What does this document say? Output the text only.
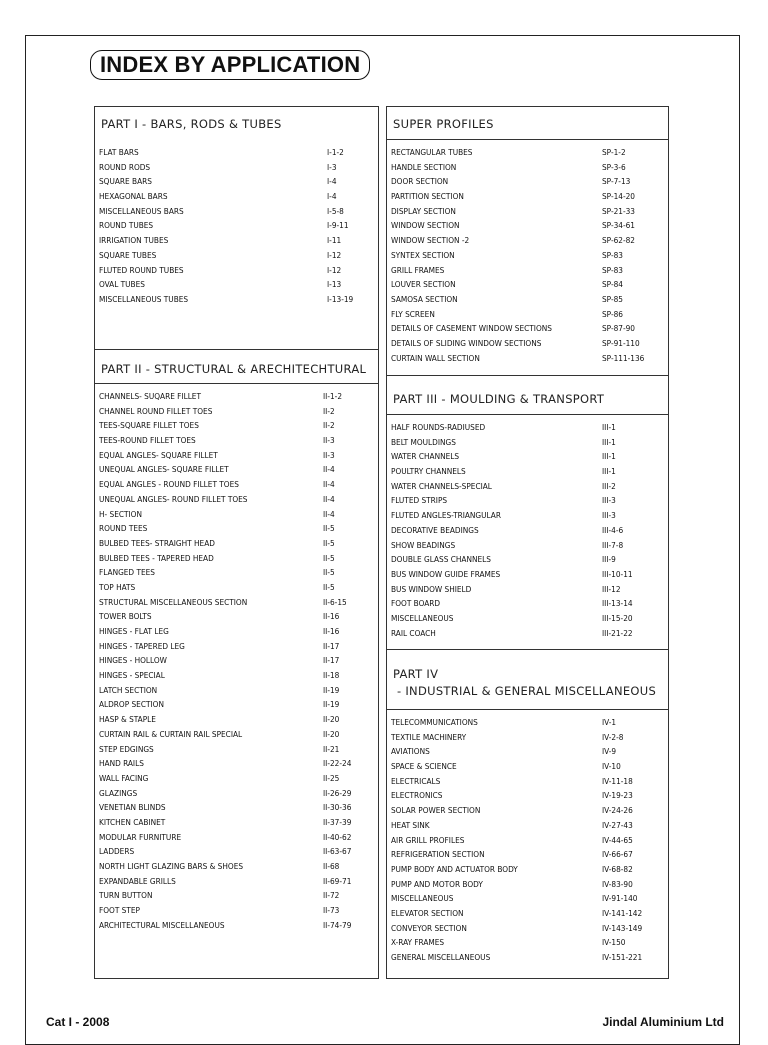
INDEX BY APPLICATION
PART I - BARS, RODS & TUBES
FLAT BARS	I-1-2
ROUND RODS	I-3
SQUARE BARS	I-4
HEXAGONAL BARS	I-4
MISCELLANEOUS BARS	I-5-8
ROUND TUBES	I-9-11
IRRIGATION TUBES	I-11
SQUARE TUBES	I-12
FLUTED ROUND TUBES	I-12
OVAL TUBES	I-13
MISCELLANEOUS TUBES	I-13-19
PART II - STRUCTURAL & ARECHITECHTURAL
CHANNELS- SUQARE FILLET	II-1-2
CHANNEL ROUND FILLET TOES	II-2
TEES-SQUARE FILLET TOES	II-2
TEES-ROUND FILLET TOES	II-3
EQUAL ANGLES- SQUARE FILLET	II-3
UNEQUAL ANGLES- SQUARE FILLET	II-4
EQUAL ANGLES - ROUND FILLET TOES	II-4
UNEQUAL ANGLES- ROUND FILLET TOES	II-4
H- SECTION	II-4
ROUND TEES	II-5
BULBED TEES- STRAIGHT HEAD	II-5
BULBED TEES - TAPERED HEAD	II-5
FLANGED TEES	II-5
TOP HATS	II-5
STRUCTURAL MISCELLANEOUS SECTION	II-6-15
TOWER BOLTS	II-16
HINGES - FLAT LEG	II-16
HINGES - TAPERED LEG	II-17
HINGES - HOLLOW	II-17
HINGES - SPECIAL	II-18
LATCH SECTION	II-19
ALDROP SECTION	II-19
HASP & STAPLE	II-20
CURTAIN RAIL & CURTAIN RAIL SPECIAL	II-20
STEP EDGINGS	II-21
HAND RAILS	II-22-24
WALL FACING	II-25
GLAZINGS	II-26-29
VENETIAN BLINDS	II-30-36
KITCHEN CABINET	II-37-39
MODULAR FURNITURE	II-40-62
LADDERS	II-63-67
NORTH LIGHT GLAZING BARS & SHOES	II-68
EXPANDABLE GRILLS	II-69-71
TURN BUTTON	II-72
FOOT STEP	II-73
ARCHITECTURAL MISCELLANEOUS	II-74-79
SUPER PROFILES
RECTANGULAR TUBES	SP-1-2
HANDLE SECTION	SP-3-6
DOOR SECTION	SP-7-13
PARTITION SECTION	SP-14-20
DISPLAY SECTION	SP-21-33
WINDOW SECTION	SP-34-61
WINDOW SECTION -2	SP-62-82
SYNTEX SECTION	SP-83
GRILL FRAMES	SP-83
LOUVER SECTION	SP-84
SAMOSA SECTION	SP-85
FLY SCREEN	SP-86
DETAILS OF CASEMENT WINDOW SECTIONS	SP-87-90
DETAILS OF SLIDING WINDOW SECTIONS	SP-91-110
CURTAIN WALL SECTION	SP-111-136
PART III - MOULDING & TRANSPORT
HALF ROUNDS-RADIUSED	III-1
BELT MOULDINGS	III-1
WATER CHANNELS	III-1
POULTRY CHANNELS	III-1
WATER CHANNELS-SPECIAL	III-2
FLUTED STRIPS	III-3
FLUTED ANGLES-TRIANGULAR	III-3
DECORATIVE BEADINGS	III-4-6
SHOW BEADINGS	III-7-8
DOUBLE GLASS CHANNELS	III-9
BUS WINDOW GUIDE FRAMES	III-10-11
BUS WINDOW SHIELD	III-12
FOOT BOARD	III-13-14
MISCELLANEOUS	III-15-20
RAIL COACH	III-21-22
PART IV
- INDUSTRIAL & GENERAL MISCELLANEOUS
TELECOMMUNICATIONS	IV-1
TEXTILE MACHINERY	IV-2-8
AVIATIONS	IV-9
SPACE & SCIENCE	IV-10
ELECTRICALS	IV-11-18
ELECTRONICS	IV-19-23
SOLAR POWER SECTION	IV-24-26
HEAT SINK	IV-27-43
AIR GRILL PROFILES	IV-44-65
REFRIGERATION SECTION	IV-66-67
PUMP BODY AND ACTUATOR BODY	IV-68-82
PUMP AND MOTOR BODY	IV-83-90
MISCELLANEOUS	IV-91-140
ELEVATOR SECTION	IV-141-142
CONVEYOR SECTION	IV-143-149
X-RAY FRAMES	IV-150
GENERAL MISCELLANEOUS	IV-151-221
Cat I - 2008	Jindal Aluminium Ltd
